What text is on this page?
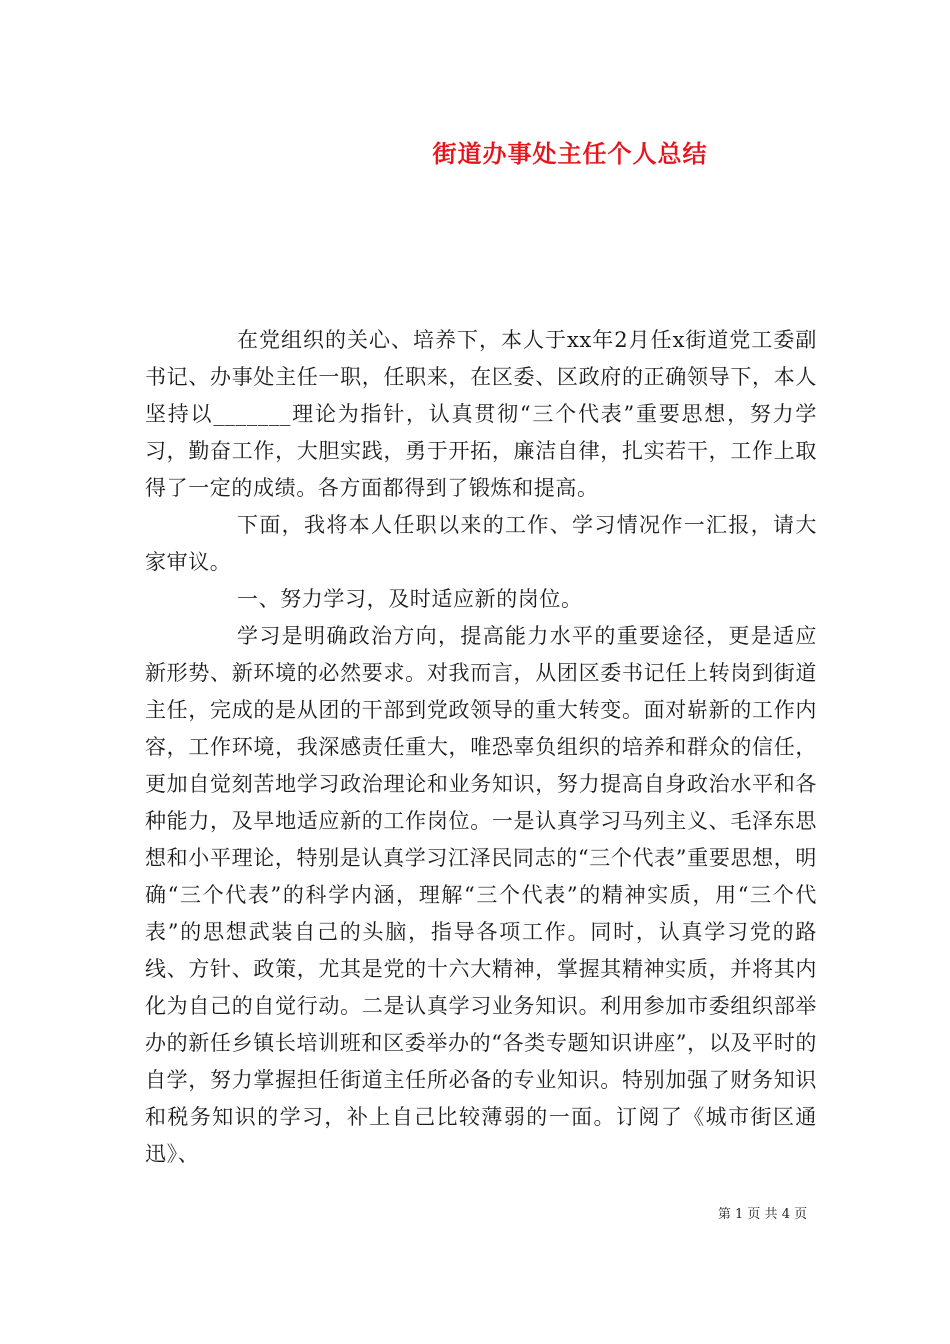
街道办事处主任个人总结

在党组织的关心、培养下，本人于xx年2月任x街道党工委副书记、办事处主任一职，任职来，在区委、区政府的正确领导下，本人坚持以_______理论为指针，认真贯彻“三个代表”重要思想，努力学习，勤奋工作，大胆实践，勇于开拓，廉洁自律，扎实若干，工作上取得了一定的成绩。各方面都得到了锻炼和提高。

下面，我将本人任职以来的工作、学习情况作一汇报，请大家审议。

一、努力学习，及时适应新的岗位。

学习是明确政治方向，提高能力水平的重要途径，更是适应新形势、新环境的必然要求。对我而言，从团区委书记任上转岗到街道主任，完成的是从团的干部到党政领导的重大转变。面对崭新的工作内容，工作环境，我深感责任重大，唯恐辜负组织的培养和群众的信任，更加自觉刻苦地学习政治理论和业务知识，努力提高自身政治水平和各种能力，及早地适应新的工作岗位。一是认真学习马列主义、毛泽东思想和小平理论，特别是认真学习江泽民同志的“三个代表”重要思想，明确“三个代表”的科学内涵，理解“三个代表”的精神实质，用“三个代表”的思想武装自己的头脑，指导各项工作。同时，认真学习党的路线、方针、政策，尤其是党的十六大精神，掌握其精神实质，并将其内化为自己的自觉行动。二是认真学习业务知识。利用参加市委组织部举办的新任乡镇长培训班和区委举办的“各类专题知识讲座”，以及平时的自学，努力掌握担任街道主任所必备的专业知识。特别加强了财务知识和税务知识的学习，补上自己比较薄弱的一面。订阅了《城市街区通迅》、

第 1 页 共 4 页
